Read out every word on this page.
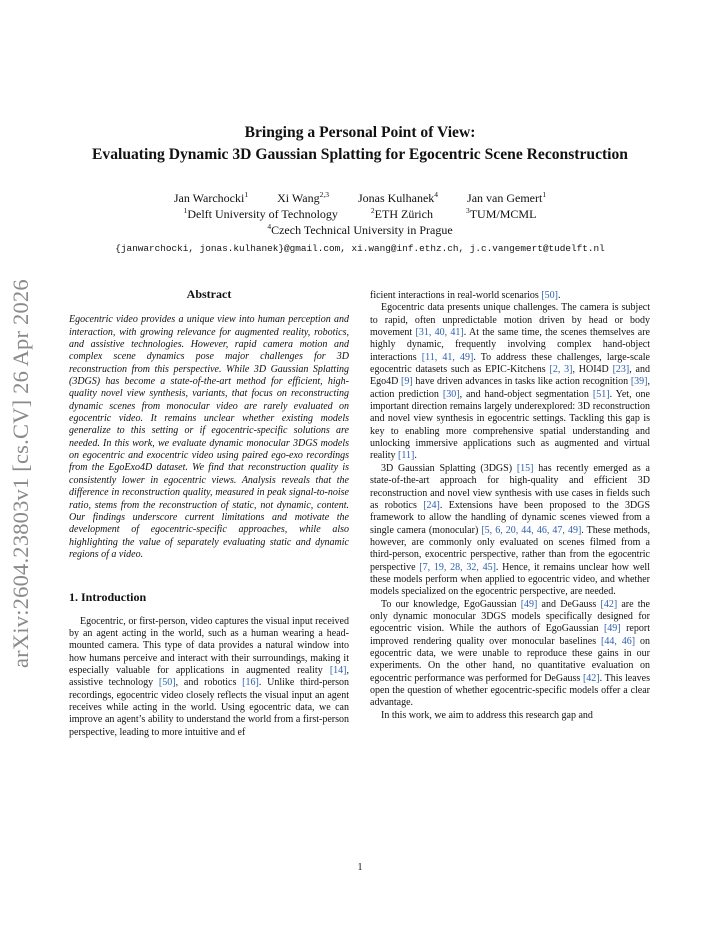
arXiv:2604.23803v1 [cs.CV] 26 Apr 2026
Bringing a Personal Point of View:
Evaluating Dynamic 3D Gaussian Splatting for Egocentric Scene Reconstruction
Jan Warchocki$^1$ Xi Wang$^{2,3}$ Jonas Kulhanek$^4$ Jan van Gemert$^1$
$^1$Delft University of Technology	$^2$ETH Zürich	$^3$TUM/MCML
$^4$Czech Technical University in Prague
{janwarchocki, jonas.kulhanek}@gmail.com, xi.wang@inf.ethz.ch, j.c.vangemert@tudelft.nl
Abstract

Egocentric video provides a unique view into human perception and interaction, with growing relevance for augmented reality, robotics, and assistive technologies. However, rapid camera motion and complex scene dynamics pose major challenges for 3D reconstruction from this perspective. While 3D Gaussian Splatting (3DGS) has become a state-of-the-art method for efficient, high-quality novel view synthesis, variants, that focus on reconstructing dynamic scenes from monocular video are rarely evaluated on egocentric video. It remains unclear whether existing models generalize to this setting or if egocentric-specific solutions are needed. In this work, we evaluate dynamic monocular 3DGS models on egocentric and exocentric video using paired ego-exo recordings from the EgoExo4D dataset. We find that reconstruction quality is consistently lower in egocentric views. Analysis reveals that the difference in reconstruction quality, measured in peak signal-to-noise ratio, stems from the reconstruction of static, not dynamic, content. Our findings underscore current limitations and motivate the development of egocentric-specific approaches, while also highlighting the value of separately evaluating static and dynamic regions of a video.

1. Introduction

Egocentric, or first-person, video captures the visual input received by an agent acting in the world, such as a human wearing a head-mounted camera. This type of data provides a natural window into how humans perceive and interact with their surroundings, making it especially valuable for applications in augmented reality [14], assistive technology [50], and robotics [16]. Unlike third-person recordings, egocentric video closely reflects the visual input an agent receives while acting in the world. Using egocentric data, we can improve an agent’s ability to understand the world from a first-person perspective, leading to more intuitive and ef

ficient interactions in real-world scenarios [50].

Egocentric data presents unique challenges. The camera is subject to rapid, often unpredictable motion driven by head or body movement [31, 40, 41]. At the same time, the scenes themselves are highly dynamic, frequently involving complex hand-object interactions [11, 41, 49]. To address these challenges, large-scale egocentric datasets such as EPIC-Kitchens [2, 3], HOI4D [23], and Ego4D [9] have driven advances in tasks like action recognition [39], action prediction [30], and hand-object segmentation [51]. Yet, one important direction remains largely underexplored: 3D reconstruction and novel view synthesis in egocentric settings. Tackling this gap is key to enabling more comprehensive spatial understanding and unlocking immersive applications such as augmented and virtual reality [11].

3D Gaussian Splatting (3DGS) [15] has recently emerged as a state-of-the-art approach for high-quality and efficient 3D reconstruction and novel view synthesis with use cases in fields such as robotics [24]. Extensions have been proposed to the 3DGS framework to allow the handling of dynamic scenes viewed from a single camera (monocular) [5, 6, 20, 44, 46, 47, 49]. These methods, however, are commonly only evaluated on scenes filmed from a third-person, exocentric perspective, rather than from the egocentric perspective [7, 19, 28, 32, 45]. Hence, it remains unclear how well these models perform when applied to egocentric video, and whether models specialized on the egocentric perspective, are needed.

To our knowledge, EgoGaussian [49] and DeGauss [42] are the only dynamic monocular 3DGS models specifically designed for egocentric vision. While the authors of EgoGaussian [49] report improved rendering quality over monocular baselines [44, 46] on egocentric data, we were unable to reproduce these gains in our experiments. On the other hand, no quantitative evaluation on egocentric performance was performed for DeGauss [42]. This leaves open the question of whether egocentric-specific models offer a clear advantage.

In this work, we aim to address this research gap and

1
